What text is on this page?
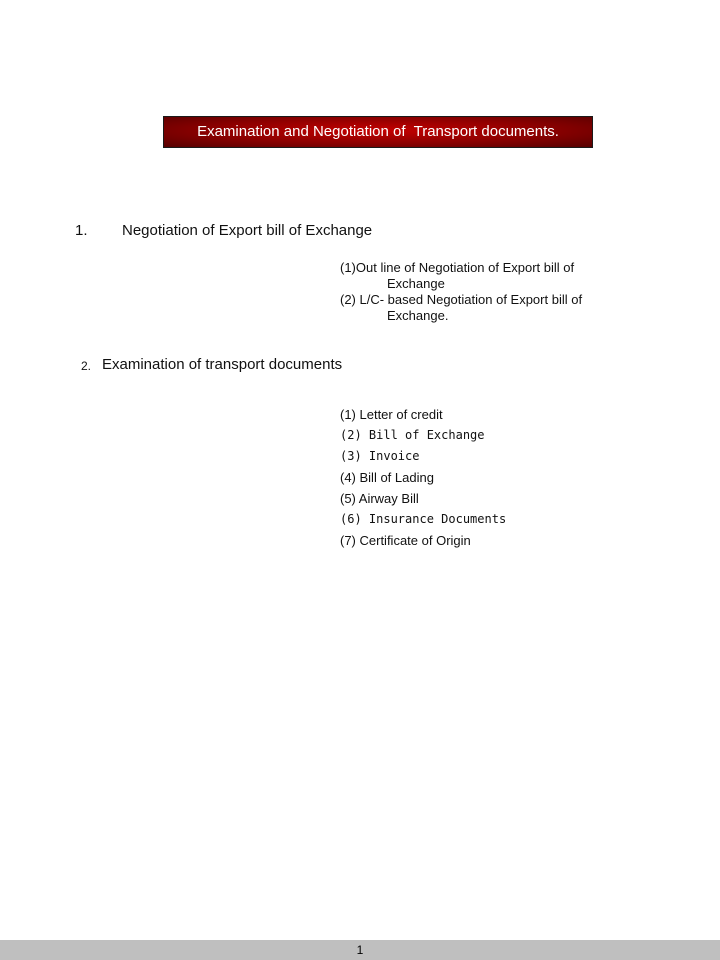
Examination and Negotiation of  Transport documents.
1. Negotiation of Export bill of Exchange
(1)Out line of Negotiation of Export bill of
Exchange
(2) L/C- based Negotiation of Export bill of
Exchange.
2. Examination of transport documents
(1) Letter of credit
(2) Bill of Exchange
(3) Invoice
(4) Bill of Lading
(5) Airway Bill
(6) Insurance Documents
(7) Certificate of Origin
1
